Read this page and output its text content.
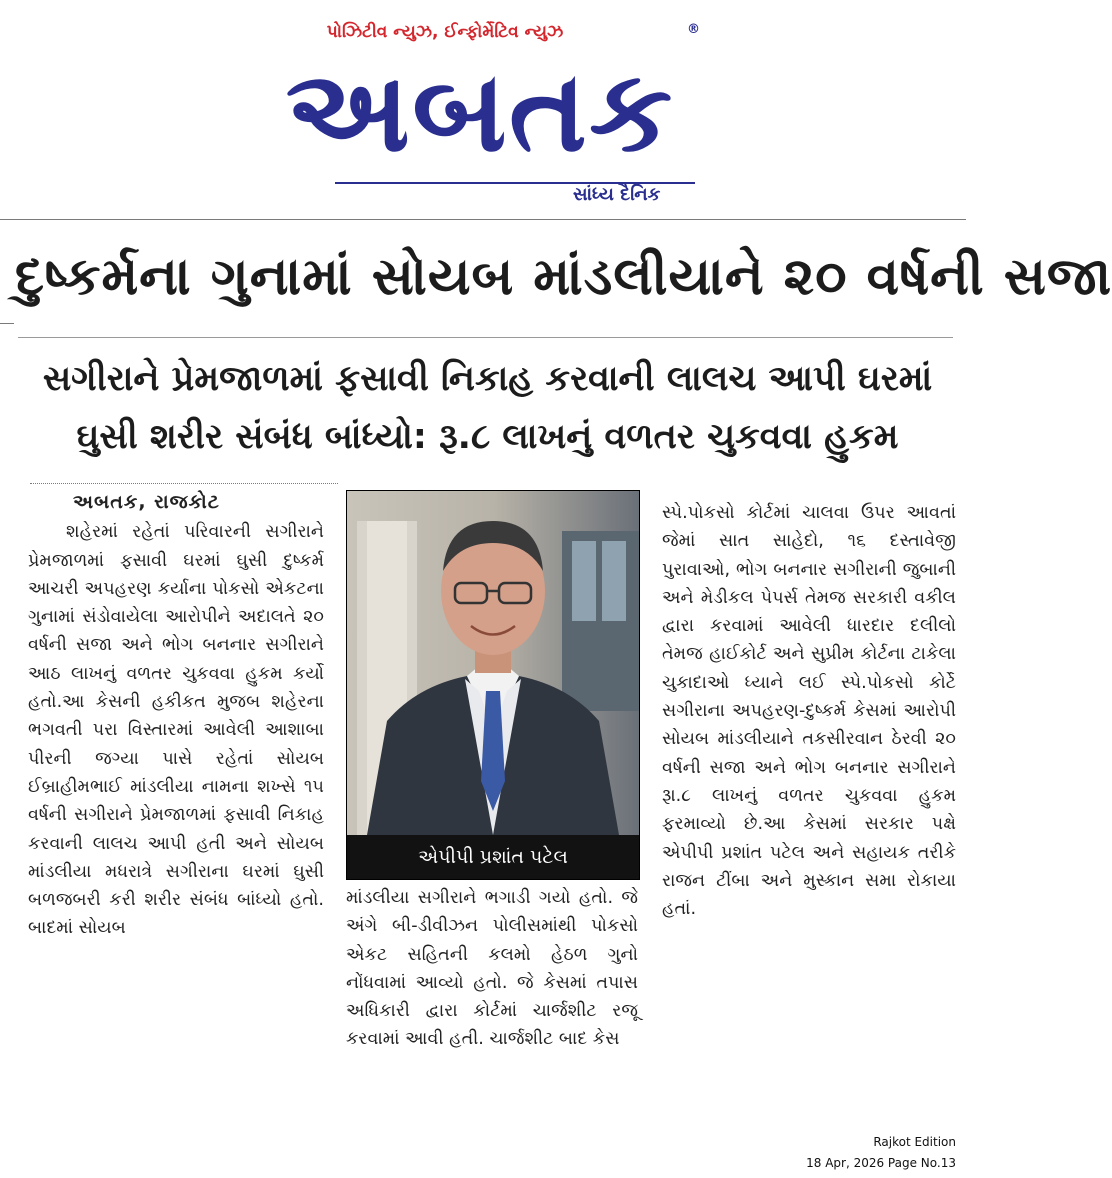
પોઝિટીવ ન્યુઝ, ઈન્ફોર્મેટિવ ન્યુઝ	®
અબતક
સાંધ્ય દૈનિક
દુષ્કર્મના ગુનામાં સોયબ માંડલીયાને ૨૦ વર્ષની સજા
સગીરાને પ્રેમજાળમાં ફસાવી નિકાહ કરવાની લાલચ આપી ઘરમાં
ઘુસી શરીર સંબંધ બાંધ્યો: રૂ.૮ લાખનું વળતર ચુકવવા હુકમ
અબતક, રાજકોટ

શહેરમાં રહેતાં પરિવારની સગીરાને પ્રેમજાળમાં ફસાવી ઘરમાં ઘુસી દુષ્કર્મ આચરી અપહરણ કર્યાના પોકસો એકટના ગુનામાં સંડોવાયેલા આરોપીને અદાલતે ૨૦ વર્ષની સજા અને ભોગ બનનાર સગીરાને આઠ લાખનું વળતર ચુકવવા હુકમ કર્યો હતો.આ કેસની હકીકત મુજબ શહેરના ભગવતી પરા વિસ્તારમાં આવેલી આશાબા પીરની જગ્યા પાસે રહેતાં સોયબ ઈબ્રાહીમભાઈ માંડલીયા નામના શખ્સે ૧૫ વર્ષની સગીરાને પ્રેમજાળમાં ફસાવી નિકાહ કરવાની લાલચ આપી હતી અને સોયબ માંડલીયા મધરાત્રે સગીરાના ઘરમાં ઘુસી બળજબરી કરી શરીર સંબંધ બાંધ્યો હતો. બાદમાં સોયબ

એપીપી પ્રશાંત પટેલ

માંડલીયા સગીરાને ભગાડી ગયો હતો. જે અંગે બી-ડીવીઝન પોલીસમાંથી પોકસો એકટ સહિતની કલમો હેઠળ ગુનો નોંધવામાં આવ્યો હતો. જે કેસમાં તપાસ અધિકારી દ્વારા કોર્ટમાં ચાર્જશીટ રજૂ કરવામાં આવી હતી. ચાર્જશીટ બાદ કેસ

સ્પે.પોકસો કોર્ટમાં ચાલવા ઉપર આવતાં જેમાં સાત સાહેદો, ૧૬ દસ્તાવેજી પુરાવાઓ, ભોગ બનનાર સગીરાની જુબાની અને મેડીકલ પેપર્સ તેમજ સરકારી વકીલ દ્વારા કરવામાં આવેલી ધારદાર દલીલો તેમજ હાઈકોર્ટ અને સુપ્રીમ કોર્ટના ટાકેલા ચુકાદાઓ ધ્યાને લઈ સ્પે.પોકસો કોર્ટે સગીરાના અપહરણ-દુષ્કર્મ કેસમાં આરોપી સોયબ માંડલીયાને તકસીરવાન ઠેરવી ૨૦ વર્ષની સજા અને ભોગ બનનાર સગીરાને રૂા.૮ લાખનું વળતર ચુકવવા હુકમ ફરમાવ્યો છે.આ કેસમાં સરકાર પક્ષે એપીપી પ્રશાંત પટેલ અને સહાયક તરીકે રાજન ટીંબા અને મુસ્કાન સમા રોકાયા હતાં.

Rajkot Edition
18 Apr, 2026 Page No.13
